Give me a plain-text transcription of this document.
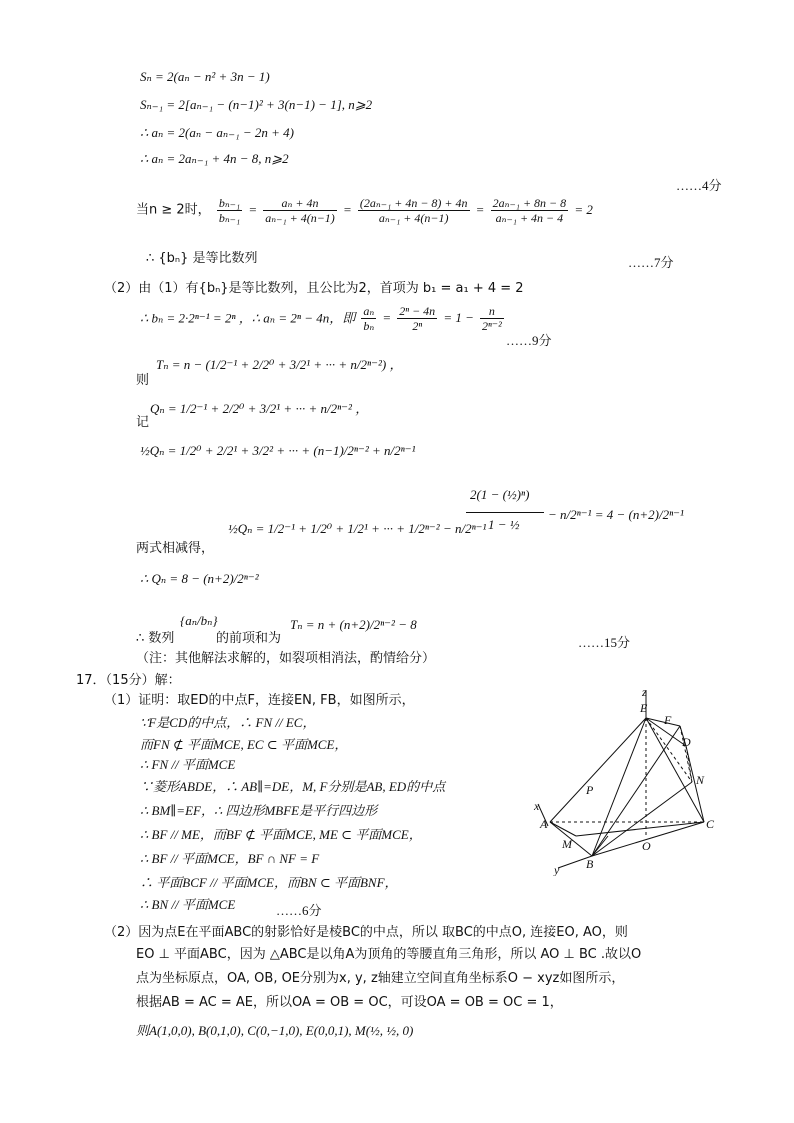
Sₙ = 2(aₙ − n² + 3n − 1)
Sₙ₋₁ = 2[aₙ₋₁ − (n−1)² + 3(n−1) − 1], n⩾2
∴ aₙ = 2(aₙ − aₙ₋₁ − 2n + 4)
∴ aₙ = 2aₙ₋₁ + 4n − 8, n⩾2
……4分
当n ≥ 2时， $\frac{\text{bₙ₋₁}}{\text{bₙ₋₁}} = \frac{\text{aₙ + 4n}}{\text{aₙ₋₁ + 4(n−1)}} = \frac{\text{(2aₙ₋₁ + 4n − 8) + 4n}}{\text{aₙ₋₁ + 4(n−1)}} = \frac{\text{2aₙ₋₁ + 8n − 8}}{\text{aₙ₋₁ + 4n − 4}} = 2$
∴ {bₙ} 是等比数列	……7分
（2）由（1）有{bₙ}是等比数列，且公比为2，首项为 b₁ = a₁ + 4 = 2
∴ bₙ = 2·2ⁿ⁻¹ = 2ⁿ ，∴ aₙ = 2ⁿ − 4n，即 $\frac{\text{aₙ}}{\text{bₙ}} = \frac{\text{2ⁿ − 4n}}{\text{2ⁿ}} = 1 - \frac{n}{\text{2ⁿ⁻²}}$
……9分
则
Tₙ = n − (1/2⁻¹ + 2/2⁰ + 3/2¹ + ··· + n/2ⁿ⁻²) ，
记
Qₙ = 1/2⁻¹ + 2/2⁰ + 3/2¹ + ··· + n/2ⁿ⁻² ，
½Qₙ = 1/2⁰ + 2/2¹ + 3/2² + ··· + (n−1)/2ⁿ⁻² + n/2ⁿ⁻¹
2(1 − (½)ⁿ)
1 − ½
− n/2ⁿ⁻¹ = 4 − (n+2)/2ⁿ⁻¹
½Qₙ = 1/2⁻¹ + 1/2⁰ + 1/2¹ + ··· + 1/2ⁿ⁻² − n/2ⁿ⁻¹
两式相减得，
∴ Qₙ = 8 − (n+2)/2ⁿ⁻²
∴ 数列
{aₙ/bₙ}
的前项和为
Tₙ = n + (n+2)/2ⁿ⁻² − 8
……15分
（注：其他解法求解的，如裂项相消法，酌情给分）
17．（15分）解：
（1）证明：取ED的中点F，连接EN, FB，如图所示，
∵F是CD的中点，∴ FN // EC，
而FN ⊄ 平面MCE, EC ⊂ 平面MCE，
∴ FN // 平面MCE
∵菱形ABDE，∴ AB∥=DE，M, F分别是AB, ED的中点
∴ BM∥=EF，∴ 四边形MBFE是平行四边形
∴ BF // ME，而BF ⊄ 平面MCE, ME ⊂ 平面MCE，
∴ BF // 平面MCE，BF ∩ NF = F
∴ 平面BCF // 平面MCE，而BN ⊂ 平面BNF，
∴ BN // 平面MCE	……6分
（2）因为点E在平面ABC的射影恰好是棱BC的中点，所以 取BC的中点O, 连接EO, AO，则
EO ⊥ 平面ABC，因为 △ABC是以角A为顶角的等腰直角三角形，所以 AO ⊥ BC .故以O
点为坐标原点，OA, OB, OE分别为x, y, z轴建立空间直角坐标系O − xyz如图所示，
根据AB = AC = AE，所以OA = OB = OC，可设OA = OB = OC = 1，
则A(1,0,0), B(0,1,0), C(0,−1,0), E(0,0,1), M(½, ½, 0)
z
E
F
D
N
P
x
A
M
B
O
C
y
